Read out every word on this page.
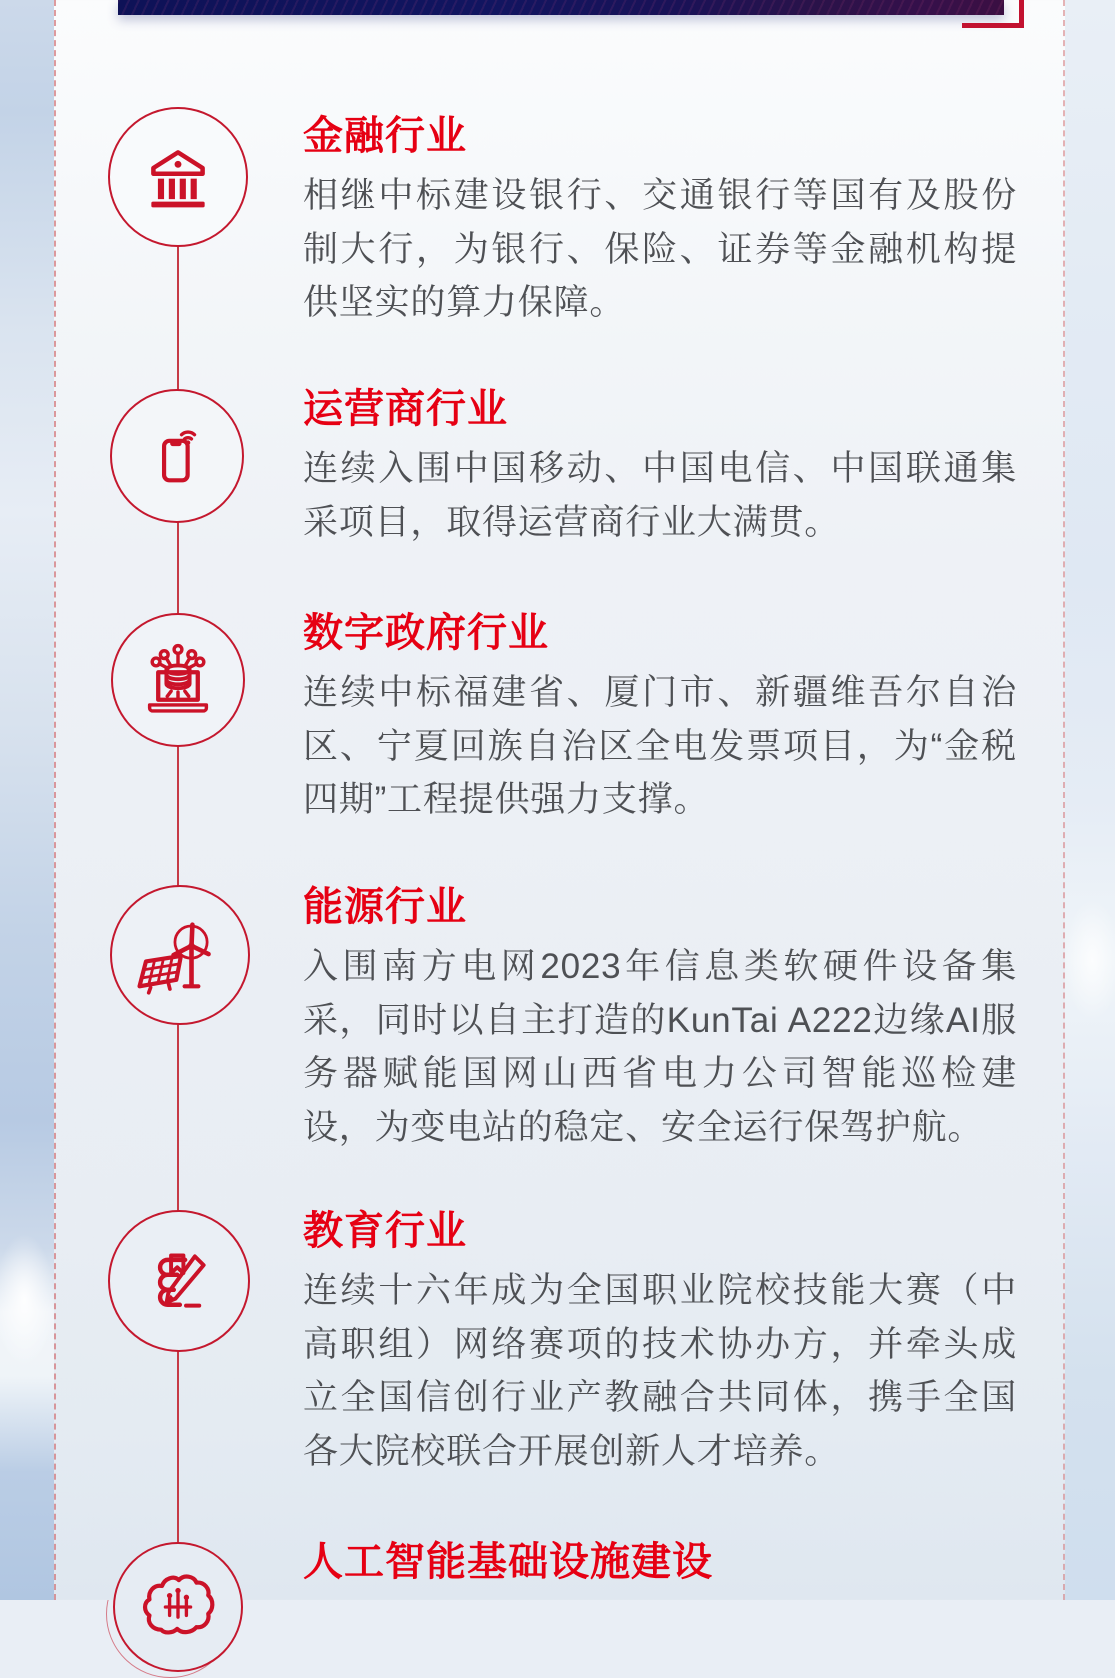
金融行业

相继中标建设银行、交通银行等国有及股份制大行，为银行、保险、证券等金融机构提供坚实的算力保障。

运营商行业

连续入围中国移动、中国电信、中国联通集采项目，取得运营商行业大满贯。

数字政府行业

连续中标福建省、厦门市、新疆维吾尔自治区、宁夏回族自治区全电发票项目，为“金税四期”工程提供强力支撑。

能源行业

入围南方电网2023年信息类软硬件设备集采，同时以自主打造的KunTai A222边缘AI服务器赋能国网山西省电力公司智能巡检建设，为变电站的稳定、安全运行保驾护航。

教育行业

连续十六年成为全国职业院校技能大赛（中高职组）网络赛项的技术协办方，并牵头成立全国信创行业产教融合共同体，携手全国各大院校联合开展创新人才培养。

人工智能基础设施建设
